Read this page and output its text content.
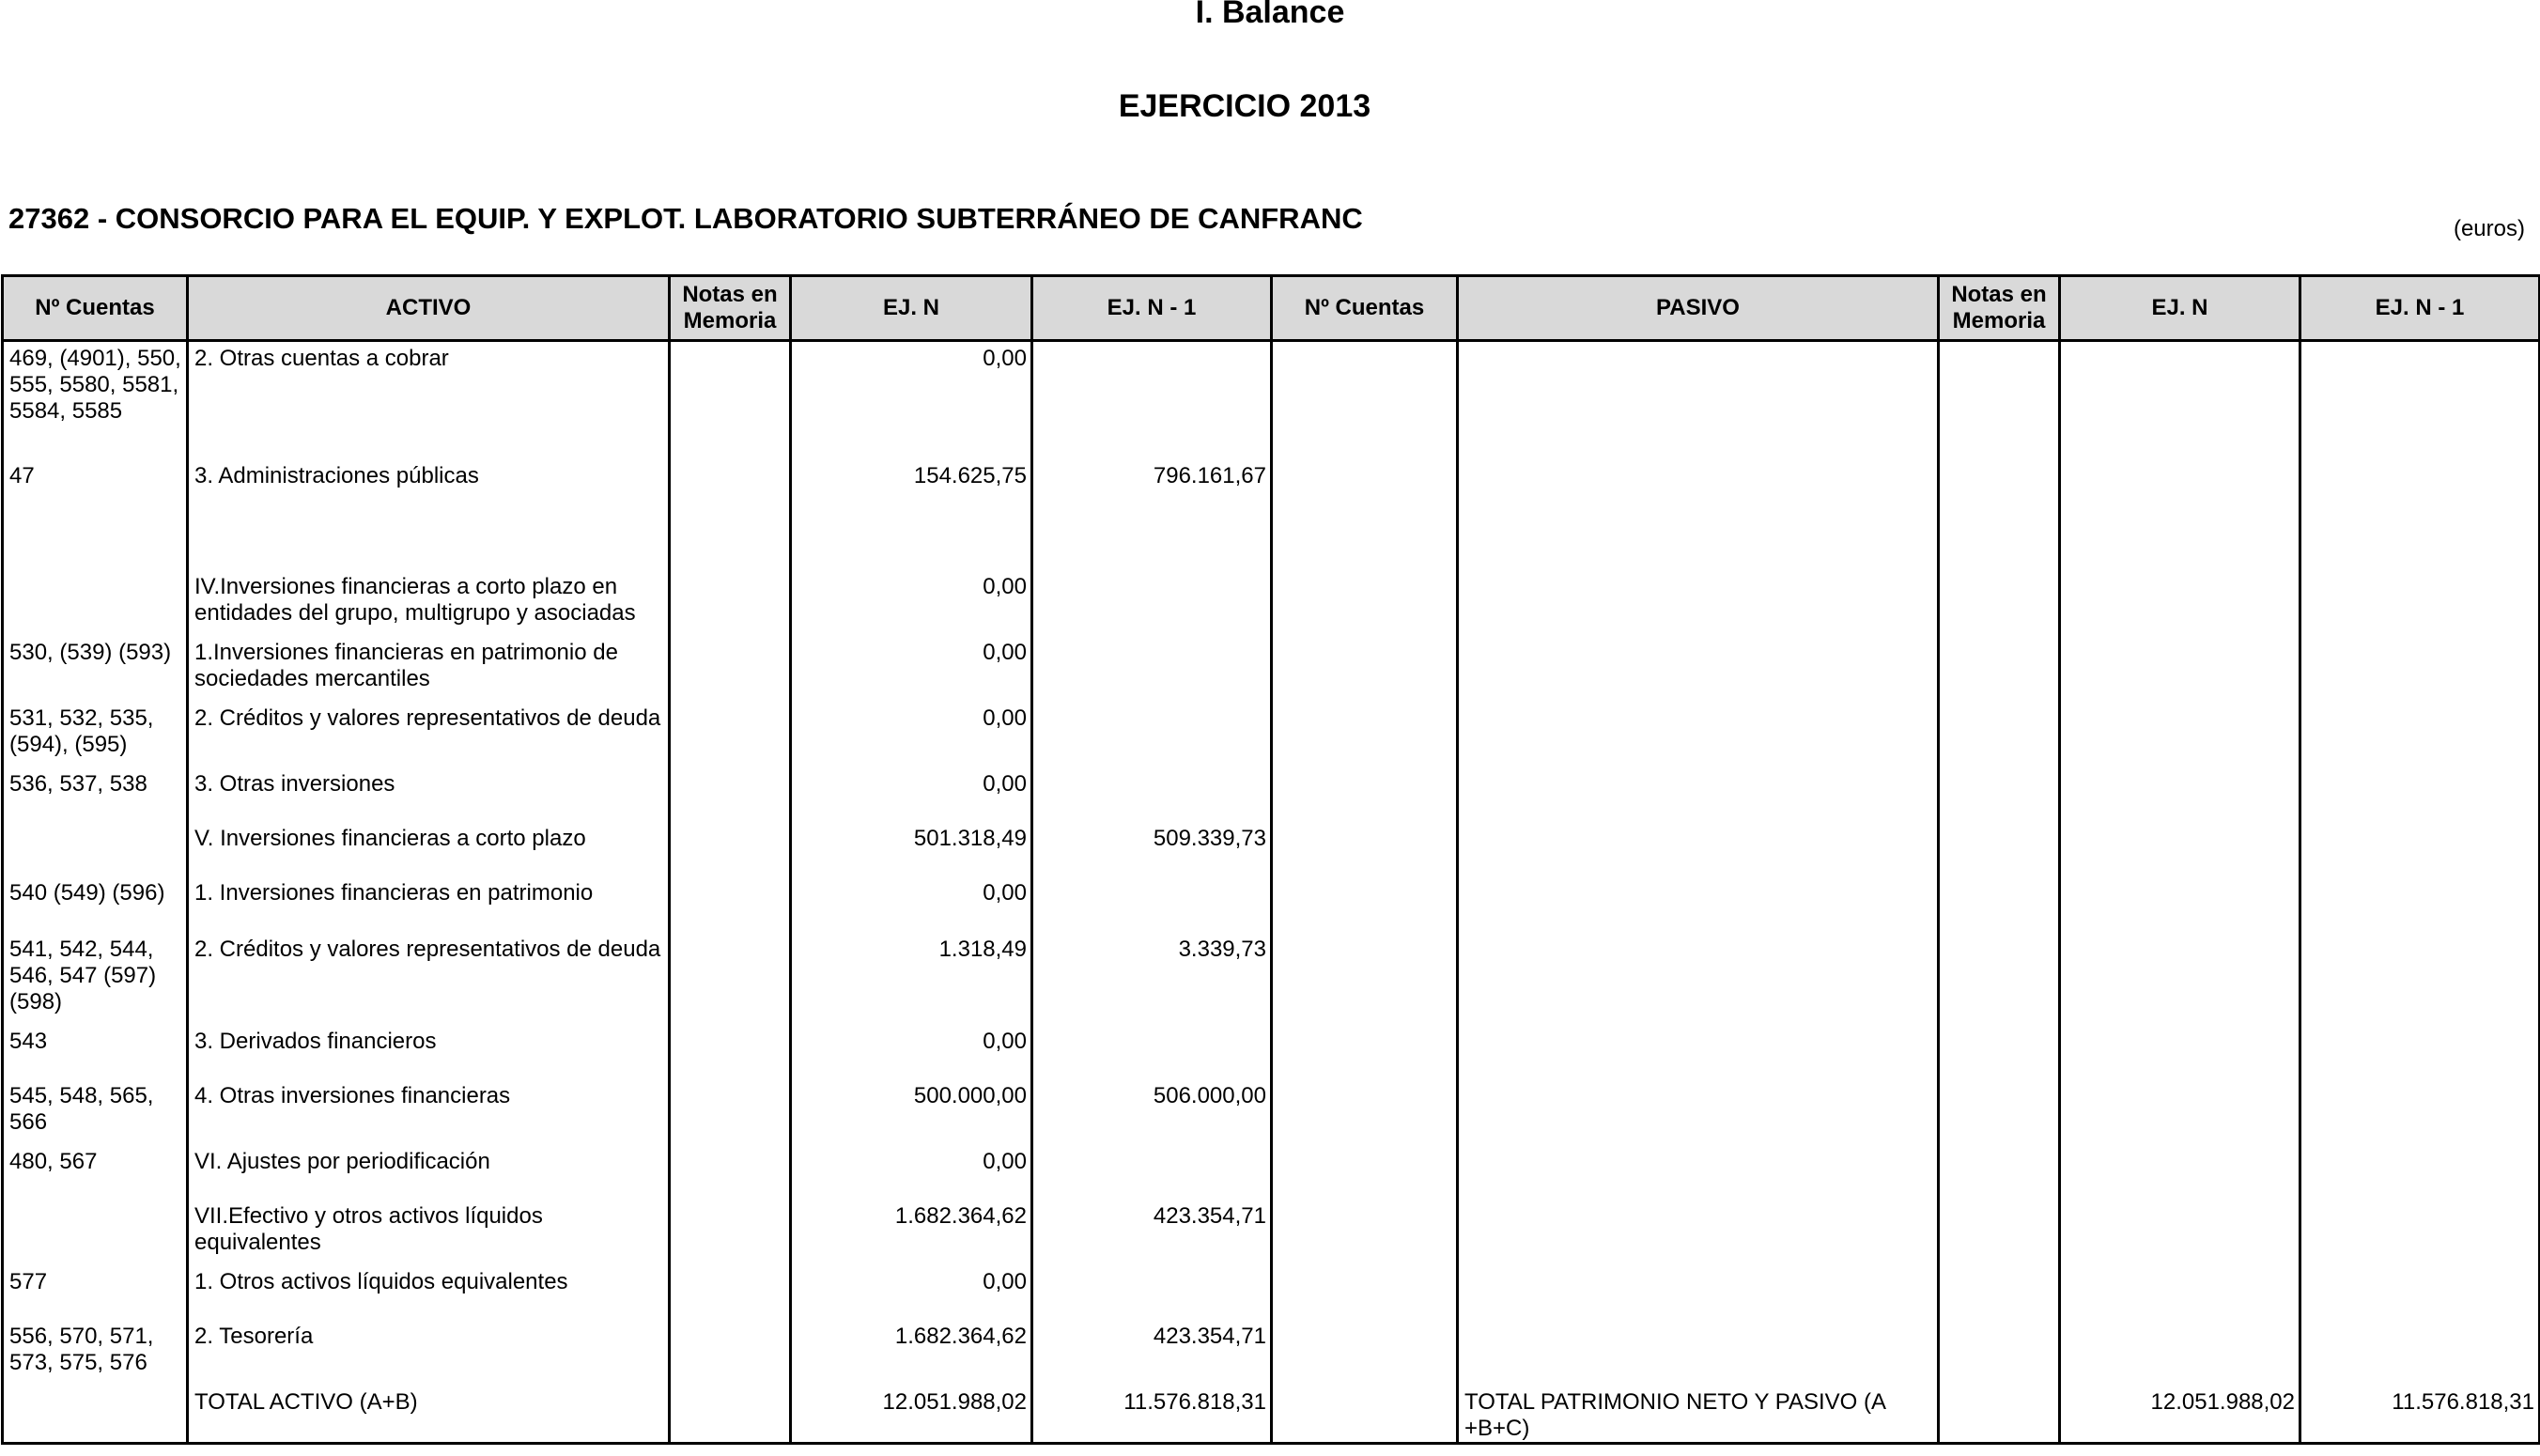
I. Balance
EJERCICIO 2013
27362 - CONSORCIO PARA EL EQUIP. Y EXPLOT. LABORATORIO SUBTERRÁNEO DE CANFRANC	(euros)
Nº Cuentas	ACTIVO	Notas en Memoria	EJ. N	EJ. N - 1	Nº Cuentas	PASIVO	Notas en Memoria	EJ. N	EJ. N - 1

469, (4901), 550, 555, 5580, 5581, 5584, 5585	2. Otras cuentas a cobrar		0,00						

47	3. Administraciones públicas		154.625,75	796.161,67					

	IV.Inversiones financieras a corto plazo en entidades del grupo, multigrupo y asociadas		0,00						

530, (539) (593)	1.Inversiones financieras en patrimonio de sociedades mercantiles		0,00						

531, 532, 535, (594), (595)	2. Créditos y valores representativos de deuda		0,00						

536, 537, 538	3. Otras inversiones		0,00						

	V. Inversiones financieras a corto plazo		501.318,49	509.339,73					

540 (549) (596)	1. Inversiones financieras en patrimonio		0,00						

541, 542, 544, 546, 547 (597) (598)	2. Créditos y valores representativos de deuda		1.318,49	3.339,73					

543	3. Derivados financieros		0,00						

545, 548, 565, 566	4. Otras inversiones financieras		500.000,00	506.000,00					

480, 567	VI. Ajustes por periodificación		0,00						

	VII.Efectivo y otros activos líquidos equivalentes		1.682.364,62	423.354,71					

577	1. Otros activos líquidos equivalentes		0,00						

556, 570, 571, 573, 575, 576	2. Tesorería		1.682.364,62	423.354,71					

	TOTAL ACTIVO (A+B)		12.051.988,02	11.576.818,31		TOTAL PATRIMONIO NETO Y PASIVO (A +B+C)		12.051.988,02	11.576.818,31
